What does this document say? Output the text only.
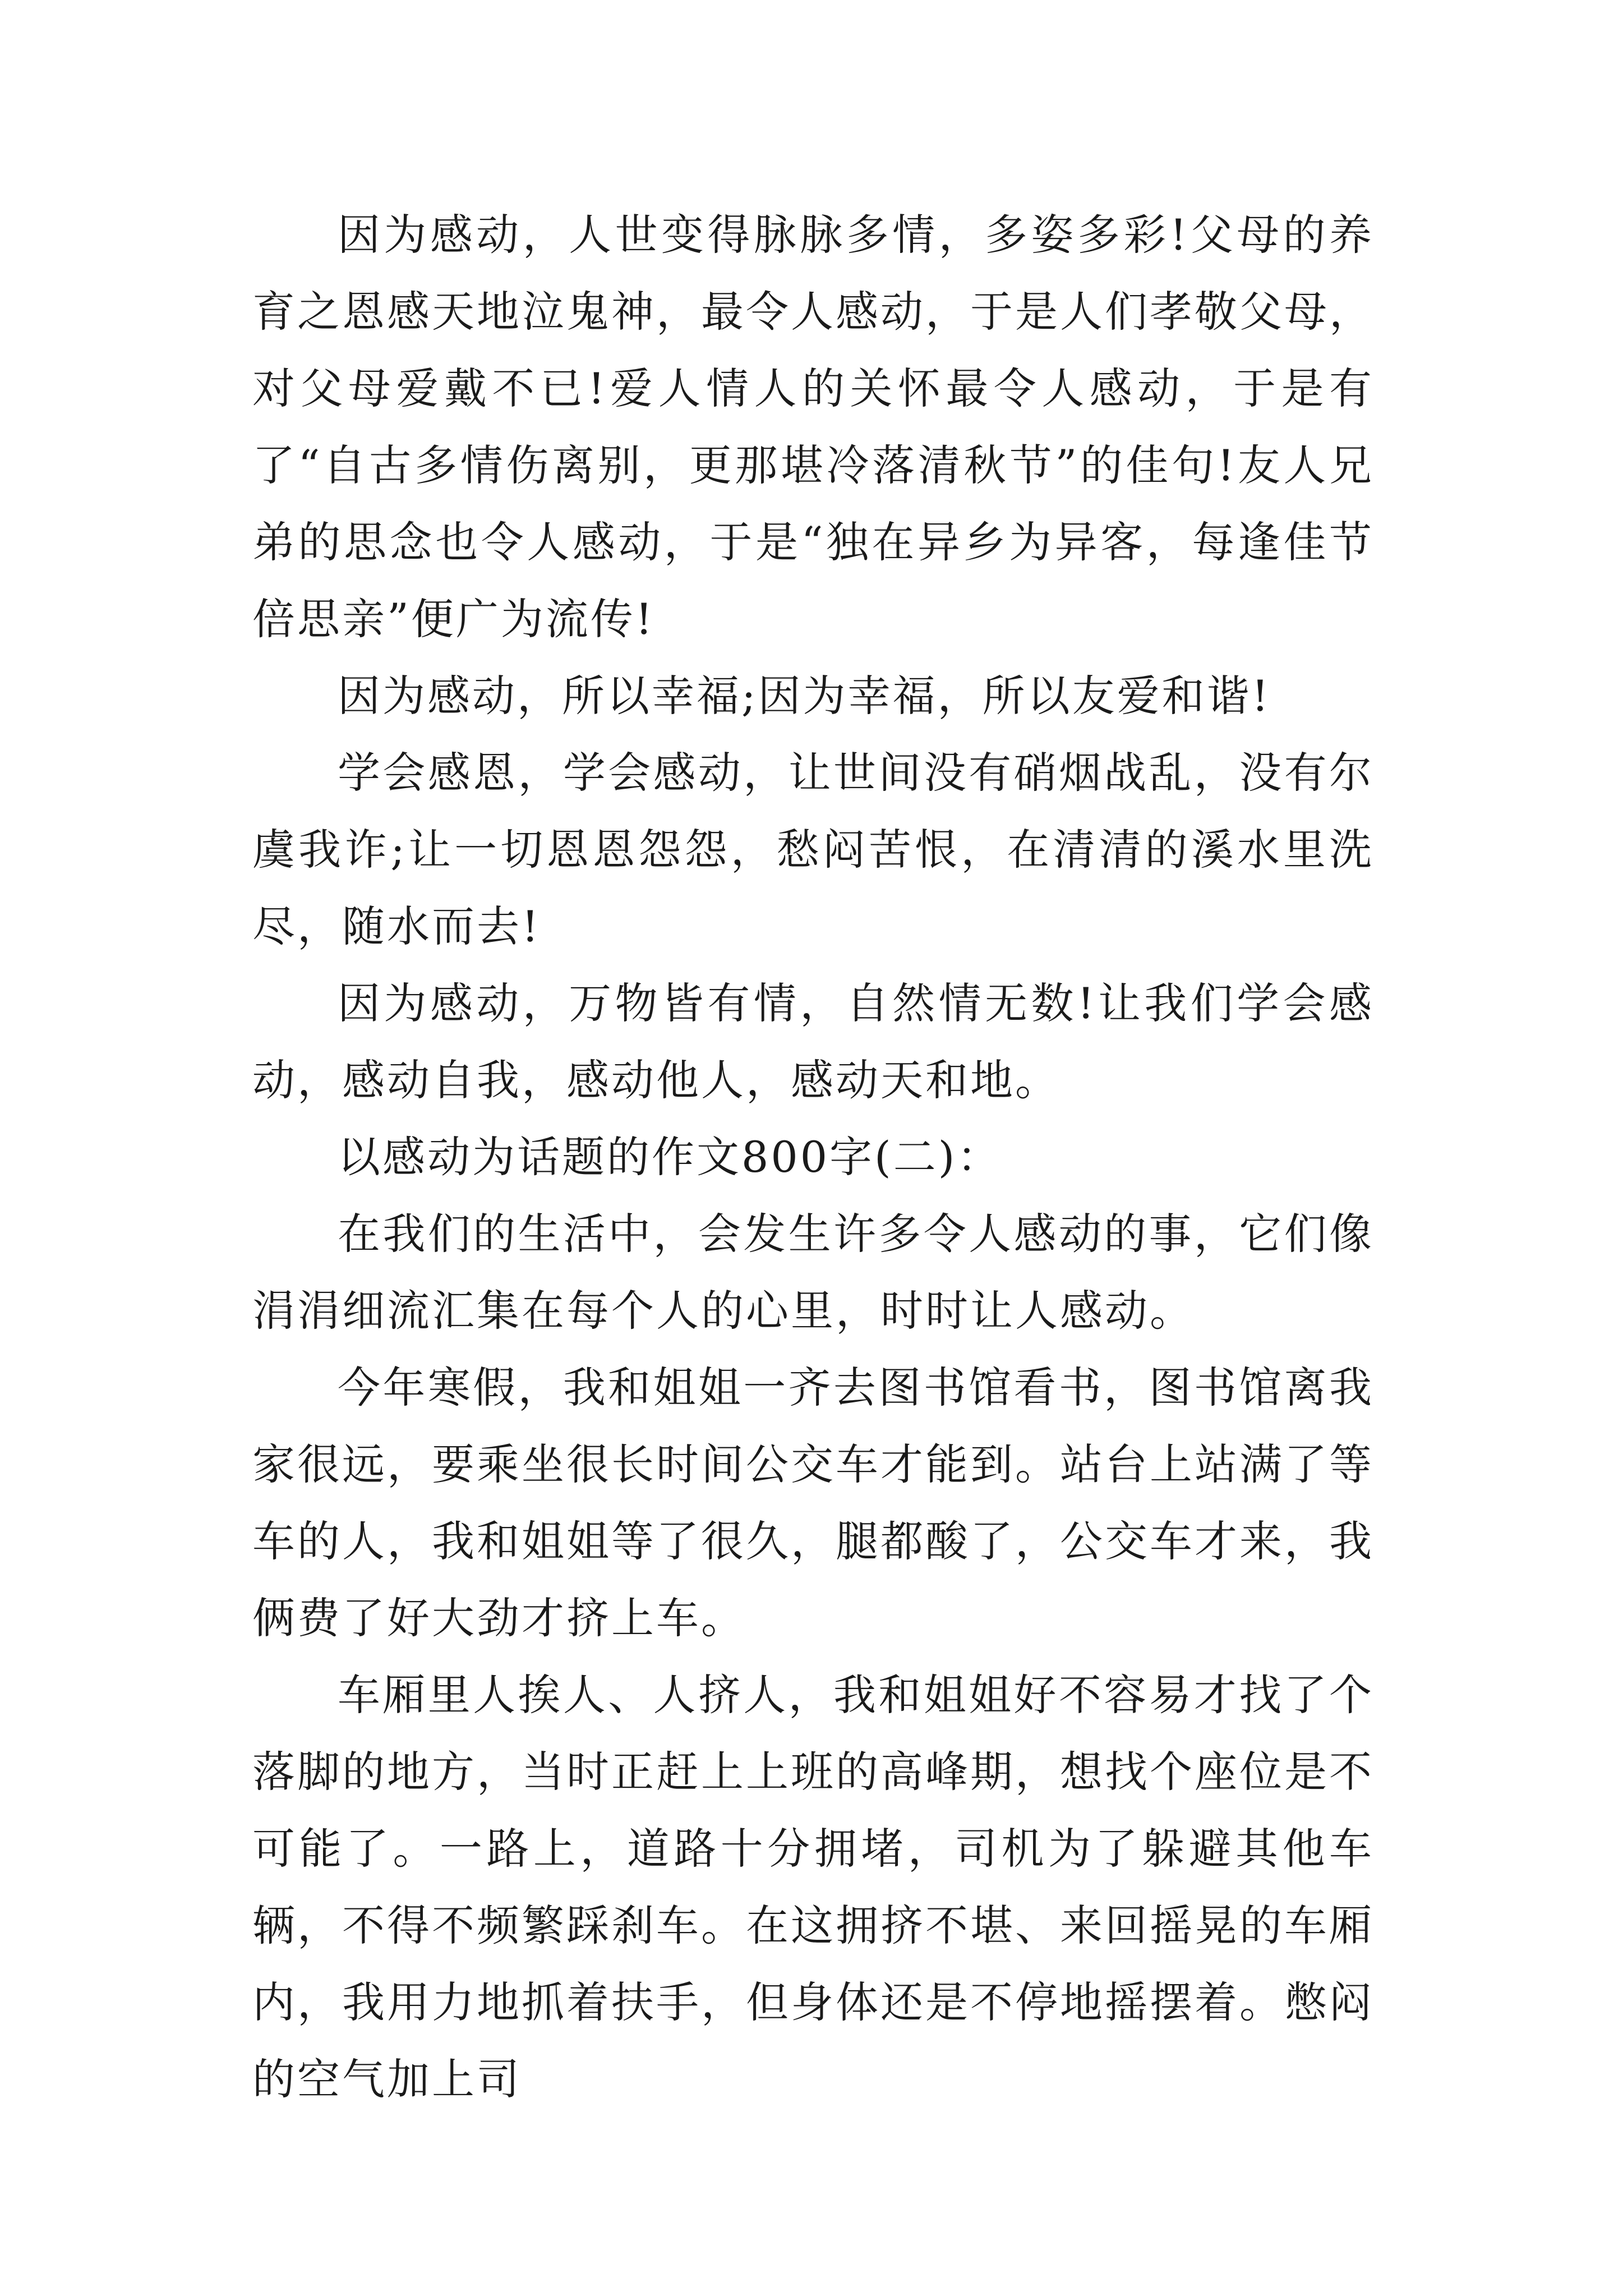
因为感动，人世变得脉脉多情，多姿多彩!父母的养育之恩感天地泣鬼神，最令人感动，于是人们孝敬父母，对父母爱戴不已!爱人情人的关怀最令人感动，于是有了“自古多情伤离别，更那堪冷落清秋节”的佳句!友人兄弟的思念也令人感动，于是“独在异乡为异客，每逢佳节倍思亲”便广为流传!

因为感动，所以幸福;因为幸福，所以友爱和谐!

学会感恩，学会感动，让世间没有硝烟战乱，没有尔虞我诈;让一切恩恩怨怨，愁闷苦恨，在清清的溪水里洗尽，随水而去!

因为感动，万物皆有情，自然情无数!让我们学会感动，感动自我，感动他人，感动天和地。

以感动为话题的作文800字(二)：

在我们的生活中，会发生许多令人感动的事，它们像涓涓细流汇集在每个人的心里，时时让人感动。

今年寒假，我和姐姐一齐去图书馆看书，图书馆离我家很远，要乘坐很长时间公交车才能到。站台上站满了等车的人，我和姐姐等了很久，腿都酸了，公交车才来，我俩费了好大劲才挤上车。

车厢里人挨人、人挤人，我和姐姐好不容易才找了个落脚的地方，当时正赶上上班的高峰期，想找个座位是不可能了。一路上，道路十分拥堵，司机为了躲避其他车辆，不得不频繁踩刹车。在这拥挤不堪、来回摇晃的车厢内，我用力地抓着扶手，但身体还是不停地摇摆着。憋闷的空气加上司
